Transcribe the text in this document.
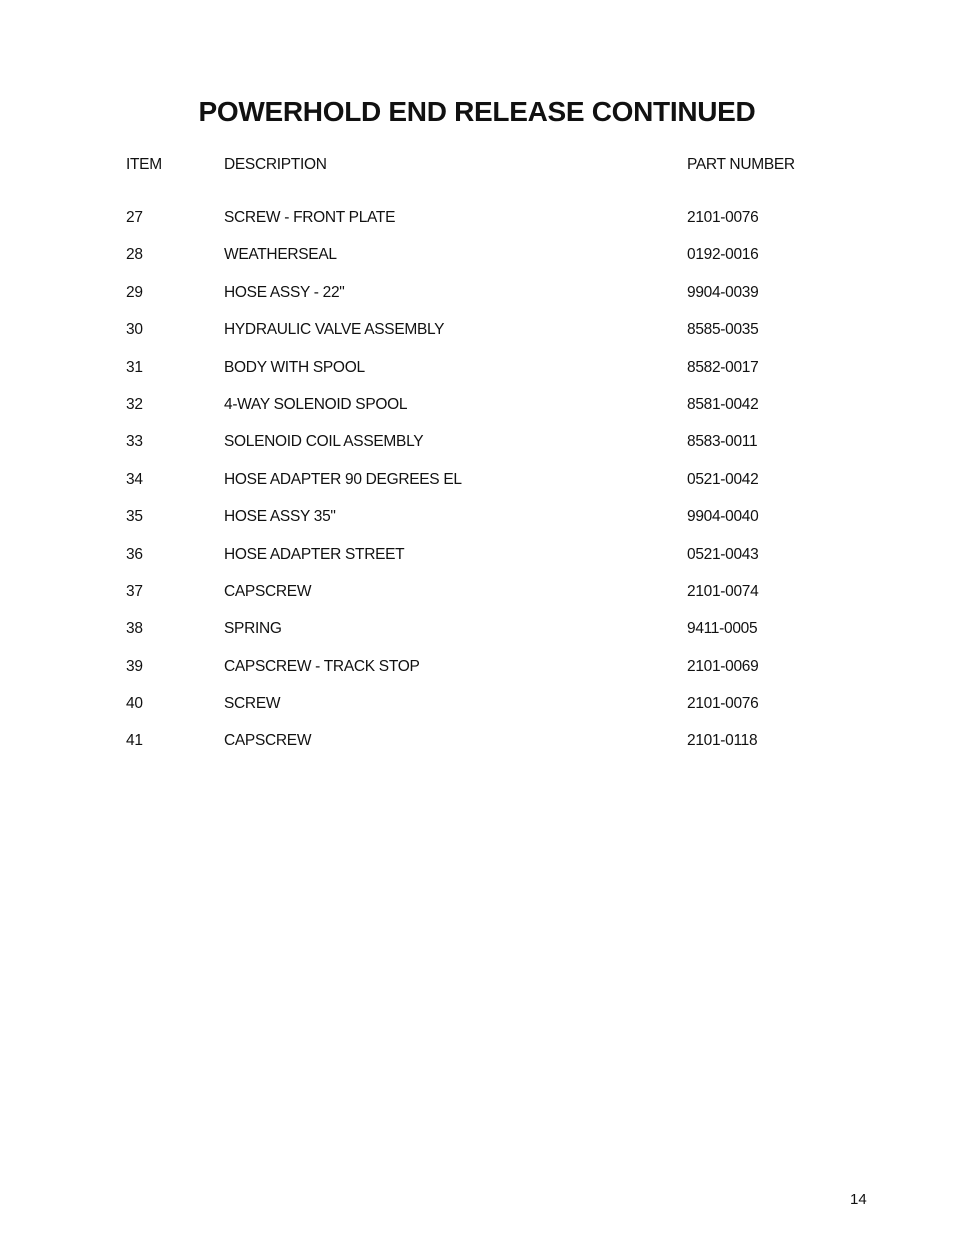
POWERHOLD END RELEASE CONTINUED
ITEM	DESCRIPTION	PART NUMBER
27	SCREW - FRONT PLATE	2101-0076
28	WEATHERSEAL	0192-0016
29	HOSE ASSY - 22"	9904-0039
30	HYDRAULIC VALVE ASSEMBLY	8585-0035
31	BODY WITH SPOOL	8582-0017
32	4-WAY SOLENOID SPOOL	8581-0042
33	SOLENOID COIL ASSEMBLY	8583-0011
34	HOSE ADAPTER 90 DEGREES EL	0521-0042
35	HOSE ASSY 35"	9904-0040
36	HOSE ADAPTER STREET	0521-0043
37	CAPSCREW	2101-0074
38	SPRING	9411-0005
39	CAPSCREW - TRACK STOP	2101-0069
40	SCREW	2101-0076
41	CAPSCREW	2101-0118
14
